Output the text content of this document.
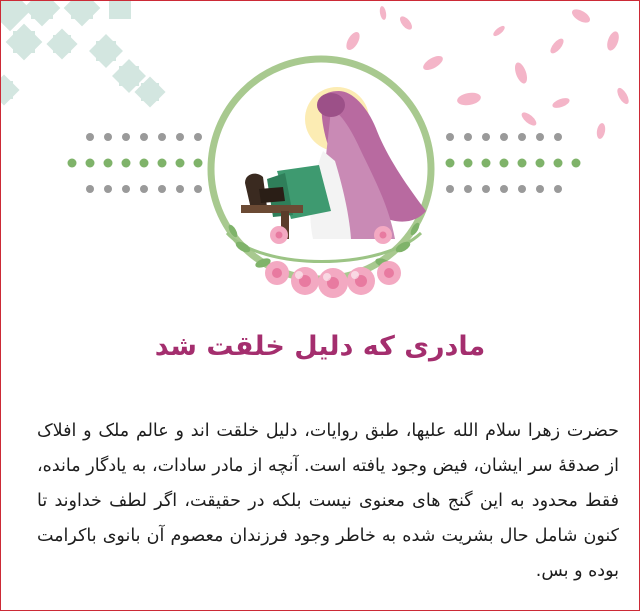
مادری که دلیل خلقت شد
حضرت زهرا سلام الله علیها، طبق روایات، دلیل خلقت اند و عالم ملک و افلاک از صدقهٔ سر ایشان، فیض وجود یافته است. آنچه از مادر سادات، به یادگار مانده، فقط محدود به این گنج های معنوی نیست بلکه در حقیقت، اگر لطف خداوند تا کنون شامل حال بشریت شده به خاطر وجود فرزندان معصوم آن بانوی باکرامت بوده و بس.
